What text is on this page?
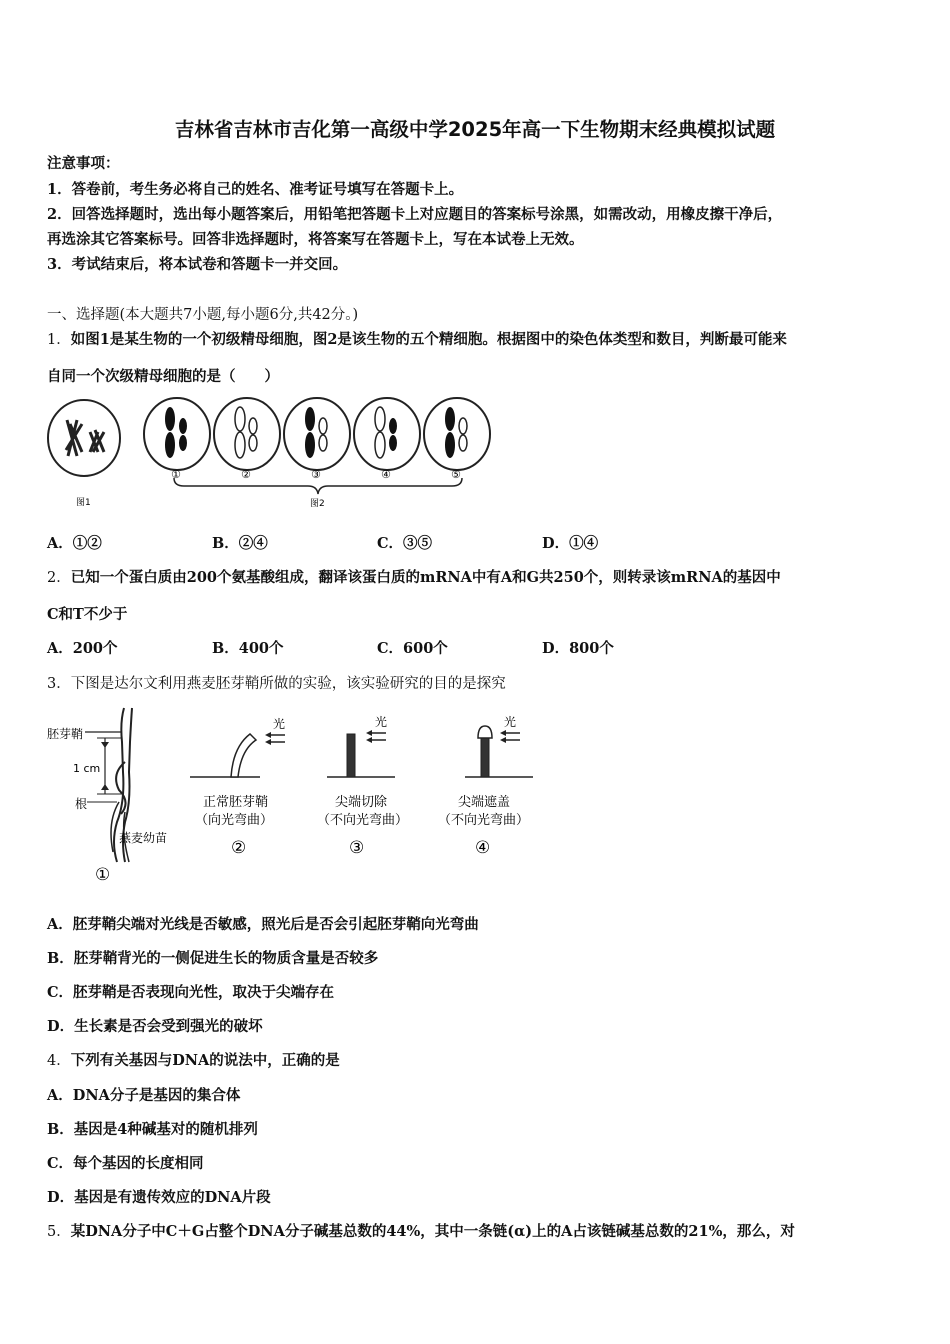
吉林省吉林市吉化第一高级中学2025年高一下生物期末经典模拟试题
注意事项：
1．答卷前，考生务必将自己的姓名、准考证号填写在答题卡上。
2．回答选择题时，选出每小题答案后，用铅笔把答题卡上对应题目的答案标号涂黑，如需改动，用橡皮擦干净后，
再选涂其它答案标号。回答非选择题时，将答案写在答题卡上，写在本试卷上无效。
3．考试结束后，将本试卷和答题卡一并交回。
一、选择题(本大题共7小题,每小题6分,共42分。)
1．如图1是某生物的一个初级精母细胞，图2是该生物的五个精细胞。根据图中的染色体类型和数目，判断最可能来
自同一个次级精母细胞的是（　　）
图1
①	②	③	④	⑤
图2
A．①②	B．②④	C．③⑤	D．①④
2．已知一个蛋白质由200个氨基酸组成，翻译该蛋白质的mRNA中有A和G共250个，则转录该mRNA的基因中
C和T不少于
A．200个	B．400个	C．600个	D．800个
3．下图是达尔文利用燕麦胚芽鞘所做的实验，该实验研究的目的是探究
胚芽鞘
1 cm
根
燕麦幼苗
①
光
正常胚芽鞘
（向光弯曲）
②
光
尖端切除
（不向光弯曲）
③
光
尖端遮盖
（不向光弯曲）
④
A．胚芽鞘尖端对光线是否敏感，照光后是否会引起胚芽鞘向光弯曲
B．胚芽鞘背光的一侧促进生长的物质含量是否较多
C．胚芽鞘是否表现向光性，取决于尖端存在
D．生长素是否会受到强光的破坏
4．下列有关基因与DNA的说法中，正确的是
A．DNA分子是基因的集合体
B．基因是4种碱基对的随机排列
C．每个基因的长度相同
D．基因是有遗传效应的DNA片段
5．某DNA分子中C＋G占整个DNA分子碱基总数的44%，其中一条链(α)上的A占该链碱基总数的21%，那么，对
